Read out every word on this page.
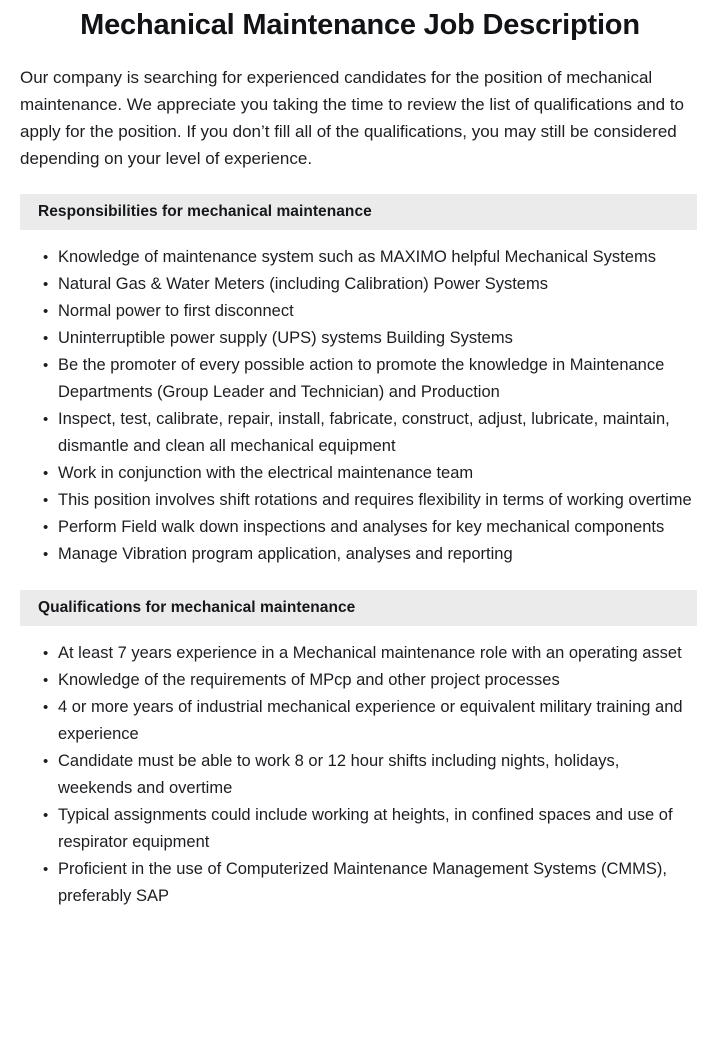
Mechanical Maintenance Job Description

Our company is searching for experienced candidates for the position of mechanical maintenance. We appreciate you taking the time to review the list of qualifications and to apply for the position. If you don’t fill all of the qualifications, you may still be considered depending on your level of experience.

Responsibilities for mechanical maintenance
• Knowledge of maintenance system such as MAXIMO helpful Mechanical Systems
• Natural Gas & Water Meters (including Calibration) Power Systems
• Normal power to first disconnect
• Uninterruptible power supply (UPS) systems Building Systems
• Be the promoter of every possible action to promote the knowledge in Maintenance Departments (Group Leader and Technician) and Production
• Inspect, test, calibrate, repair, install, fabricate, construct, adjust, lubricate, maintain, dismantle and clean all mechanical equipment
• Work in conjunction with the electrical maintenance team
• This position involves shift rotations and requires flexibility in terms of working overtime
• Perform Field walk down inspections and analyses for key mechanical components
• Manage Vibration program application, analyses and reporting
Qualifications for mechanical maintenance
• At least 7 years experience in a Mechanical maintenance role with an operating asset
• Knowledge of the requirements of MPcp and other project processes
• 4 or more years of industrial mechanical experience or equivalent military training and experience
• Candidate must be able to work 8 or 12 hour shifts including nights, holidays, weekends and overtime
• Typical assignments could include working at heights, in confined spaces and use of respirator equipment
• Proficient in the use of Computerized Maintenance Management Systems (CMMS), preferably SAP
